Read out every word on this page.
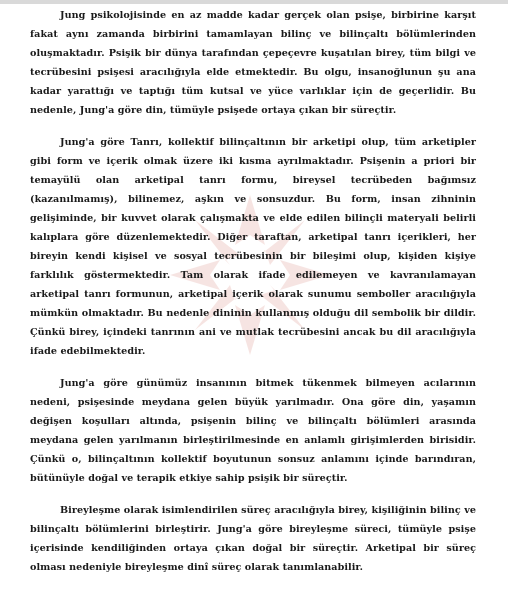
Jung psikolojisinde en az madde kadar gerçek olan psişe, birbirine karşıt fakat aynı zamanda birbirini tamamlayan bilinç ve bilinçaltı bölümlerinden oluşmaktadır. Psişik bir dünya tarafından çepeçevre kuşatılan birey, tüm bilgi ve tecrübesini psişesi aracılığıyla elde etmektedir. Bu olgu, insanoğlunun şu ana kadar yarattığı ve taptığı tüm kutsal ve yüce varlıklar için de geçerlidir. Bu nedenle, Jung'a göre din, tümüyle psişede ortaya çıkan bir süreçtir.

Jung'a göre Tanrı, kollektif bilinçaltının bir arketipi olup, tüm arketipler gibi form ve içerik olmak üzere iki kısma ayrılmaktadır. Psişenin a priori bir temayülü olan arketipal tanrı formu, bireysel tecrübeden bağımsız (kazanılmamış), bilinemez, aşkın ve sonsuzdur. Bu form, insan zihninin gelişiminde, bir kuvvet olarak çalışmakta ve elde edilen bilinçli materyali belirli kalıplara göre düzenlemektedir. Diğer taraftan, arketipal tanrı içerikleri, her bireyin kendi kişisel ve sosyal tecrübesinin bir bileşimi olup, kişiden kişiye farklılık göstermektedir. Tam olarak ifade edilemeyen ve kavranılamayan arketipal tanrı formunun, arketipal içerik olarak sunumu semboller aracılığıyla mümkün olmaktadır. Bu nedenle dininin kullanmış olduğu dil sembolik bir dildir. Çünkü birey, içindeki tanrının ani ve mutlak tecrübesini ancak bu dil aracılığıyla ifade edebilmektedir.

Jung'a göre günümüz insanının bitmek tükenmek bilmeyen acılarının nedeni, psişesinde meydana gelen büyük yarılmadır. Ona göre din, yaşamın değişen koşulları altında, psişenin bilinç ve bilinçaltı bölümleri arasında meydana gelen yarılmanın birleştirilmesinde en anlamlı girişimlerden birisidir. Çünkü o, bilinçaltının kollektif boyutunun sonsuz anlamını içinde barındıran, bütünüyle doğal ve terapik etkiye sahip psişik bir süreçtir.

Bireyleşme olarak isimlendirilen süreç aracılığıyla birey, kişiliğinin bilinç ve bilinçaltı bölümlerini birleştirir. Jung'a göre bireyleşme süreci, tümüyle psişe içerisinde kendiliğinden ortaya çıkan doğal bir süreçtir. Arketipal bir süreç olması nedeniyle bireyleşme dinî süreç olarak tanımlanabilir.
